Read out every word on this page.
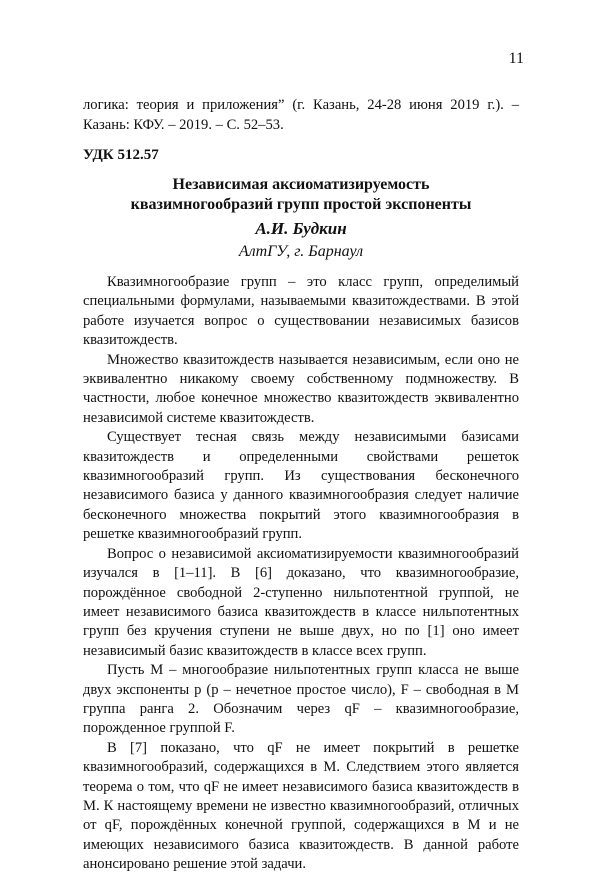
11

логика: теория и приложения” (г. Казань, 24-28 июня 2019 г.). – Казань: КФУ. – 2019. – С. 52–53.

УДК 512.57

Независимая аксиоматизируемость
квазимногообразий групп простой экспоненты

А.И. Будкин

АлтГУ, г. Барнаул

Квазимногообразие групп – это класс групп, определимый специальными формулами, называемыми квазитождествами. В этой работе изучается вопрос о существовании независимых базисов квазитождеств.

Множество квазитождеств называется независимым, если оно не эквивалентно никакому своему собственному подмножеству. В частности, любое конечное множество квазитождеств эквивалентно независимой системе квазитождеств.

Существует тесная связь между независимыми базисами квазитождеств и определенными свойствами решеток квазимногообразий групп. Из существования бесконечного независимого базиса у данного квазимногообразия следует наличие бесконечного множества покрытий этого квазимногообразия в решетке квазимногообразий групп.

Вопрос о независимой аксиоматизируемости квазимногообразий изучался в [1–11]. В [6] доказано, что квазимногообразие, порождённое свободной 2-ступенно нильпотентной группой, не имеет независимого базиса квазитождеств в классе нильпотентных групп без кручения ступени не выше двух, но по [1] оно имеет независимый базис квазитождеств в классе всех групп.

Пусть M – многообразие нильпотентных групп класса не выше двух экспоненты p (p – нечетное простое число), F – свободная в M группа ранга 2. Обозначим через qF – квазимногообразие, порожденное группой F.

В [7] показано, что qF не имеет покрытий в решетке квазимногообразий, содержащихся в M. Следствием этого является теорема о том, что qF не имеет независимого базиса квазитождеств в M. К настоящему времени не известно квазимногообразий, отличных от qF, порождённых конечной группой, содержащихся в M и не имеющих независимого базиса квазитождеств. В данной работе анонсировано решение этой задачи.
